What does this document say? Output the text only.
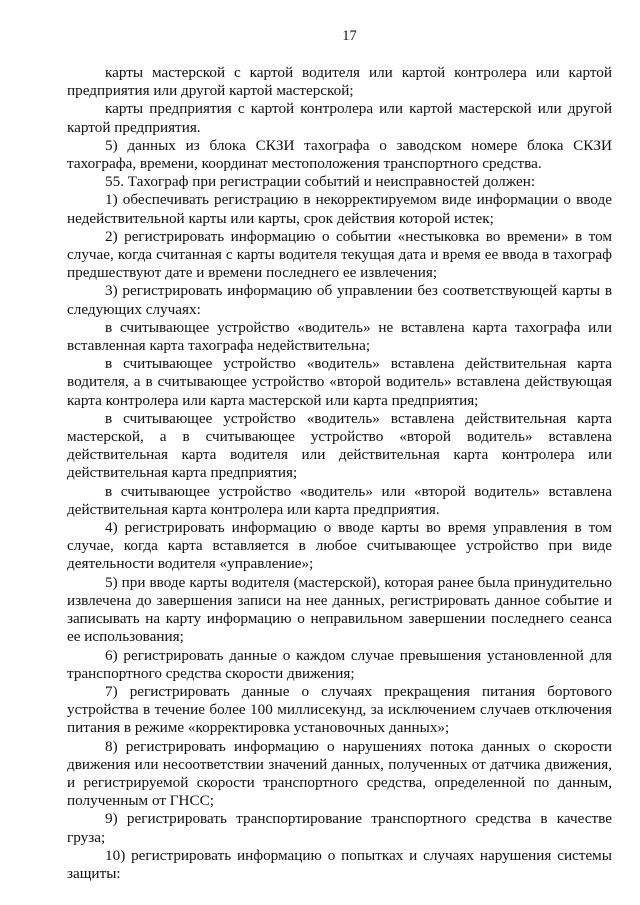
17

карты мастерской с картой водителя или картой контролера или картой предприятия или другой картой мастерской;

карты предприятия с картой контролера или картой мастерской или другой картой предприятия.

5) данных из блока СКЗИ тахографа о заводском номере блока СКЗИ тахографа, времени, координат местоположения транспортного средства.

55. Тахограф при регистрации событий и неисправностей должен:

1) обеспечивать регистрацию в некорректируемом виде информации о вводе недействительной карты или карты, срок действия которой истек;

2) регистрировать информацию о событии «нестыковка во времени» в том случае, когда считанная с карты водителя текущая дата и время ее ввода в тахограф предшествуют дате и времени последнего ее извлечения;

3) регистрировать информацию об управлении без соответствующей карты в следующих случаях:

в считывающее устройство «водитель» не вставлена карта тахографа или вставленная карта тахографа недействительна;

в считывающее устройство «водитель» вставлена действительная карта водителя, а в считывающее устройство «второй водитель» вставлена действующая карта контролера или карта мастерской или карта предприятия;

в считывающее устройство «водитель» вставлена действительная карта мастерской, а в считывающее устройство «второй водитель» вставлена действительная карта водителя или действительная карта контролера или действительная карта предприятия;

в считывающее устройство «водитель» или «второй водитель» вставлена действительная карта контролера или карта предприятия.

4) регистрировать информацию о вводе карты во время управления в том случае, когда карта вставляется в любое считывающее устройство при виде деятельности водителя «управление»;

5) при вводе карты водителя (мастерской), которая ранее была принудительно извлечена до завершения записи на нее данных, регистрировать данное событие и записывать на карту информацию о неправильном завершении последнего сеанса ее использования;

6) регистрировать данные о каждом случае превышения установленной для транспортного средства скорости движения;

7) регистрировать данные о случаях прекращения питания бортового устройства в течение более 100 миллисекунд, за исключением случаев отключения питания в режиме «корректировка установочных данных»;

8) регистрировать информацию о нарушениях потока данных о скорости движения или несоответствии значений данных, полученных от датчика движения, и регистрируемой скорости транспортного средства, определенной по данным, полученным от ГНСС;

9) регистрировать транспортирование транспортного средства в качестве груза;

10) регистрировать информацию о попытках и случаях нарушения системы защиты:
